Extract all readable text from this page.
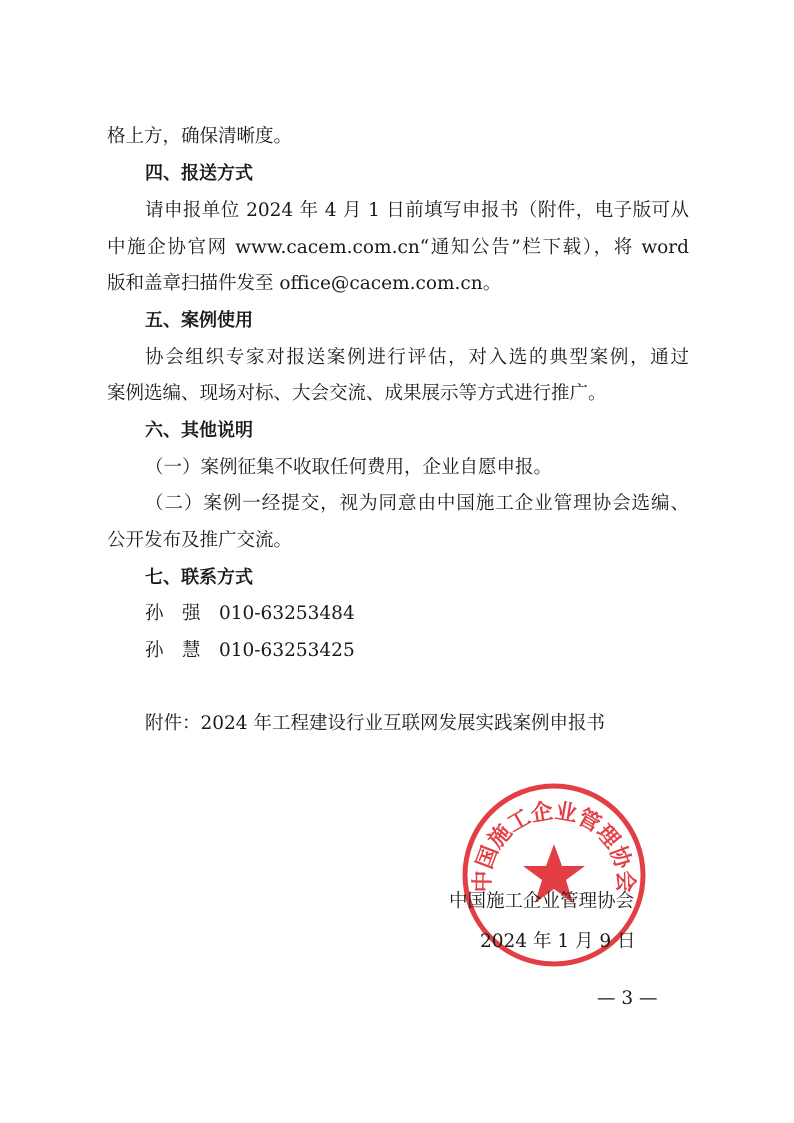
格上方，确保清晰度。
四、报送方式
请申报单位 2024 年 4 月 1 日前填写申报书（附件，电子版可从
中施企协官网 www.cacem.com.cn“通知公告”栏下载），将 word
版和盖章扫描件发至 office@cacem.com.cn。
五、案例使用
协会组织专家对报送案例进行评估，对入选的典型案例，通过
案例选编、现场对标、大会交流、成果展示等方式进行推广。
六、其他说明
（一）案例征集不收取任何费用，企业自愿申报。
（二）案例一经提交，视为同意由中国施工企业管理协会选编、
公开发布及推广交流。
七、联系方式
孙　强 010-63253484
孙　慧 010-63253425
附件：2024 年工程建设行业互联网发展实践案例申报书
中国施工企业管理协会
中国施工企业管理协会
2024 年 1 月 9 日
— 3 —
